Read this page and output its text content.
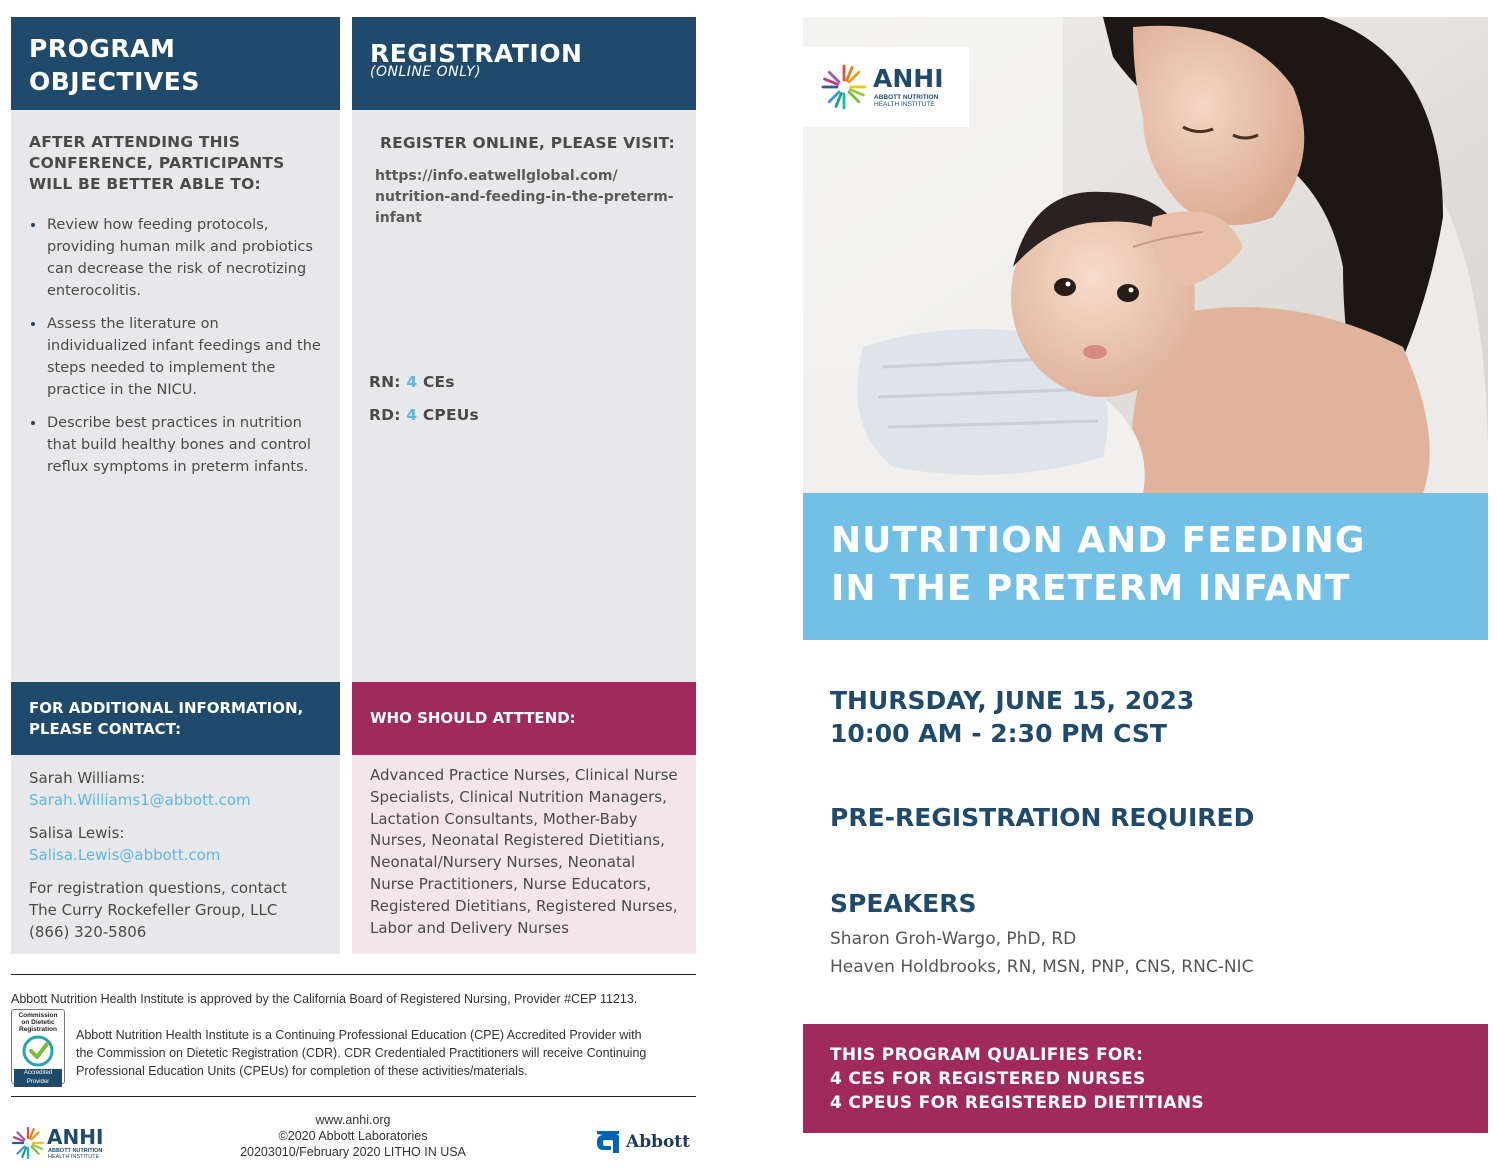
PROGRAM
OBJECTIVES
AFTER ATTENDING THIS CONFERENCE, PARTICIPANTS WILL BE BETTER ABLE TO:
Review how feeding protocols, providing human milk and probiotics can decrease the risk of necrotizing enterocolitis.
Assess the literature on individualized infant feedings and the steps needed to implement the practice in the NICU.
Describe best practices in nutrition that build healthy bones and control reflux symptoms in preterm infants.
REGISTRATION
(ONLINE ONLY)
REGISTER ONLINE, PLEASE VISIT:
https://info.eatwellglobal.com/
nutrition-and-feeding-in-the-preterm-
infant
RN: 4 CEs
RD: 4 CPEUs
FOR ADDITIONAL INFORMATION,
PLEASE CONTACT:
Sarah Williams:
Sarah.Williams1@abbott.com
Salisa Lewis:
Salisa.Lewis@abbott.com
For registration questions, contact
The Curry Rockefeller Group, LLC
(866) 320-5806
WHO SHOULD ATTTEND:
Advanced Practice Nurses, Clinical Nurse Specialists, Clinical Nutrition Managers, Lactation Consultants, Mother-Baby Nurses, Neonatal Registered Dietitians, Neonatal/Nursery Nurses, Neonatal Nurse Practitioners, Nurse Educators, Registered Dietitians, Registered Nurses, Labor and Delivery Nurses
Abbott Nutrition Health Institute is approved by the California Board of Registered Nursing, Provider #CEP 11213.
Commission on Dietetic Registration
Accredited Provider
Abbott Nutrition Health Institute is a Continuing Professional Education (CPE) Accredited Provider with
the Commission on Dietetic Registration (CDR). CDR Credentialed Practitioners will receive Continuing
Professional Education Units (CPEUs) for completion of these activities/materials.
ANHI
ABBOTT NUTRITION
HEALTH INSTITUTE
www.anhi.org
©2020 Abbott Laboratories
20203010/February 2020 LITHO IN USA	Abbott
ANHI
ABBOTT NUTRITION
HEALTH INSTITUTE
NUTRITION AND FEEDING
IN THE PRETERM INFANT
THURSDAY, JUNE 15, 2023
10:00 AM - 2:30 PM CST
PRE-REGISTRATION REQUIRED
SPEAKERS
Sharon Groh-Wargo, PhD, RD
Heaven Holdbrooks, RN, MSN, PNP, CNS, RNC-NIC
THIS PROGRAM QUALIFIES FOR:
4 CES FOR REGISTERED NURSES
4 CPEUS FOR REGISTERED DIETITIANS
